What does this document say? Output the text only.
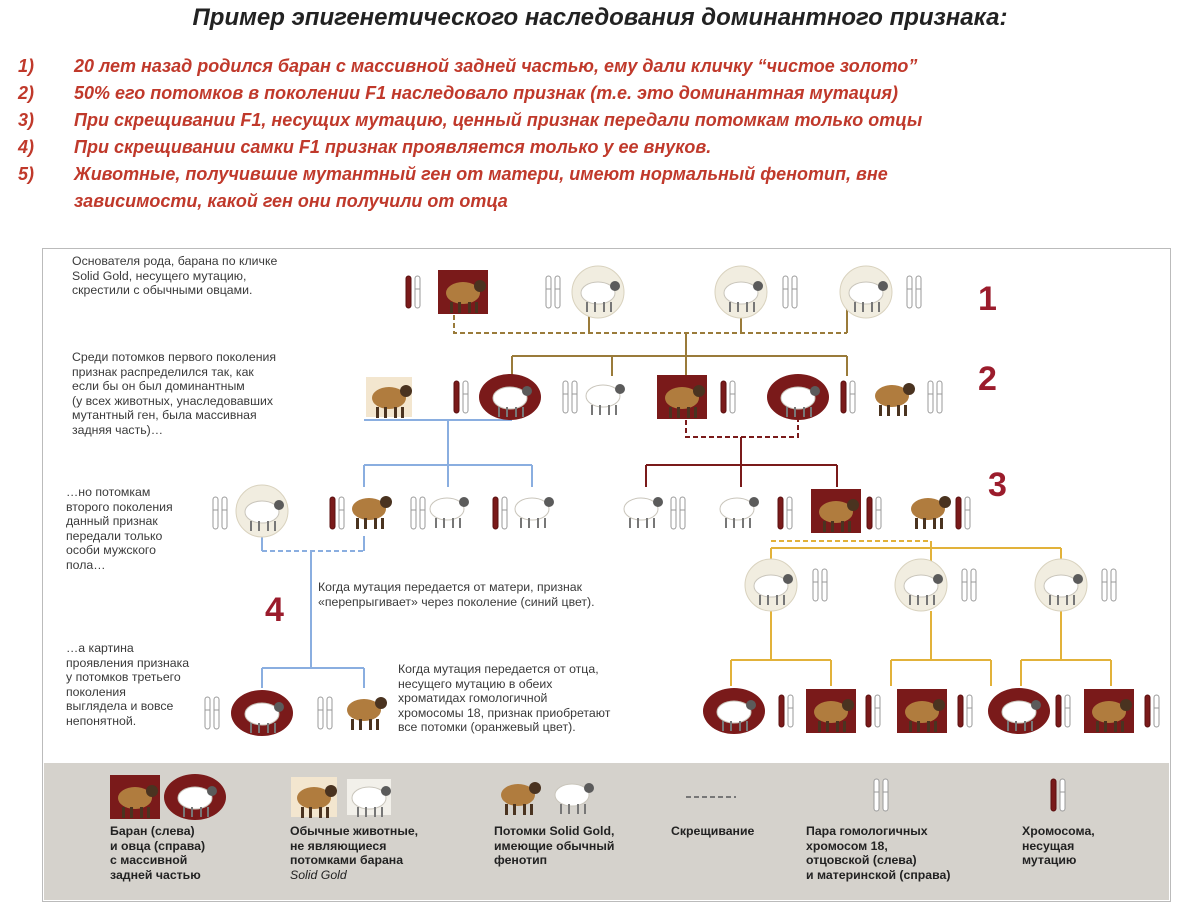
Пример эпигенетического наследования доминантного признака:
1)	20 лет назад родился баран с массивной задней частью, ему дали кличку “чистое золото”
2)	50% его потомков в поколении F1 наследовало признак (т.е. это доминантная мутация)
3)	При скрещивании F1, несущих мутацию, ценный признак передали потомкам только отцы
4)	При скрещивании самки F1 признак проявляется только у ее внуков.
5)	Животные, получившие мутантный ген от матери, имеют нормальный фенотип, вне
зависимости, какой ген они получили от отца
Основателя рода, барана по кличке
Solid Gold, несущего мутацию,
скрестили с обычными овцами.
Среди потомков первого поколения
признак распределился так, как
если бы он был доминантным
(у всех животных, унаследовавших
мутантный ген, была массивная
задняя часть)…
…но потомкам
второго поколения
данный признак
передали только
особи мужского
пола…
…а картина
проявления признака
у потомков третьего
поколения
выглядела и вовсе
непонятной.
Когда мутация передается от матери, признак
«перепрыгивает» через поколение (синий цвет).
Когда мутация передается от отца,
несущего мутацию в обеих
хроматидах гомологичной
хромосомы 18, признак приобретают
все потомки (оранжевый цвет).
1
2
3
4
Баран (слева)
и овца (справа)
с массивной
задней частью
Обычные животные,
не являющиеся
потомками барана
Solid Gold
Потомки Solid Gold,
имеющие обычный
фенотип
Скрещивание	Пара гомологичных
хромосом 18,
отцовской (слева)
и материнской (справа)
Хромосома,
несущая
мутацию
